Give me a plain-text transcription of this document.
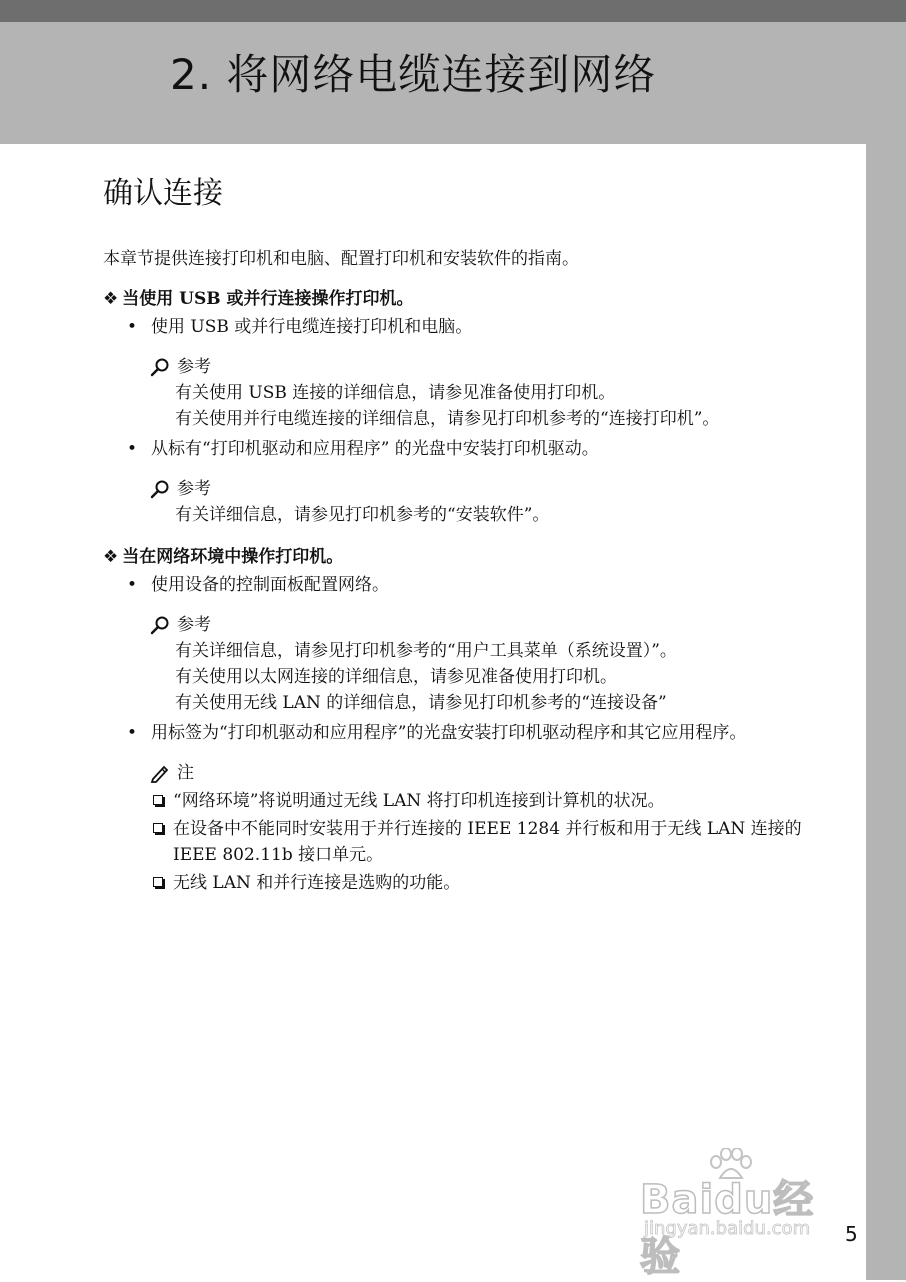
2. 将网络电缆连接到网络
确认连接

本章节提供连接打印机和电脑、配置打印机和安装软件的指南。

❖ 当使用 USB 或并行连接操作打印机。

• 使用 USB 或并行电缆连接打印机和电脑。

参考

有关使用 USB 连接的详细信息，请参见准备使用打印机。

有关使用并行电缆连接的详细信息，请参见打印机参考的“连接打印机”。

• 从标有“打印机驱动和应用程序” 的光盘中安装打印机驱动。

参考

有关详细信息，请参见打印机参考的“安装软件”。

❖ 当在网络环境中操作打印机。

• 使用设备的控制面板配置网络。

参考

有关详细信息，请参见打印机参考的“用户工具菜单（系统设置）”。

有关使用以太网连接的详细信息，请参见准备使用打印机。

有关使用无线 LAN 的详细信息，请参见打印机参考的“连接设备”

• 用标签为“打印机驱动和应用程序”的光盘安装打印机驱动程序和其它应用程序。

注

“网络环境”将说明通过无线 LAN 将打印机连接到计算机的状况。

在设备中不能同时安装用于并行连接的 IEEE 1284 并行板和用于无线 LAN 连接的 IEEE 802.11b 接口单元。

无线 LAN 和并行连接是选购的功能。

Baidu经验
jingyan.baidu.com 5
